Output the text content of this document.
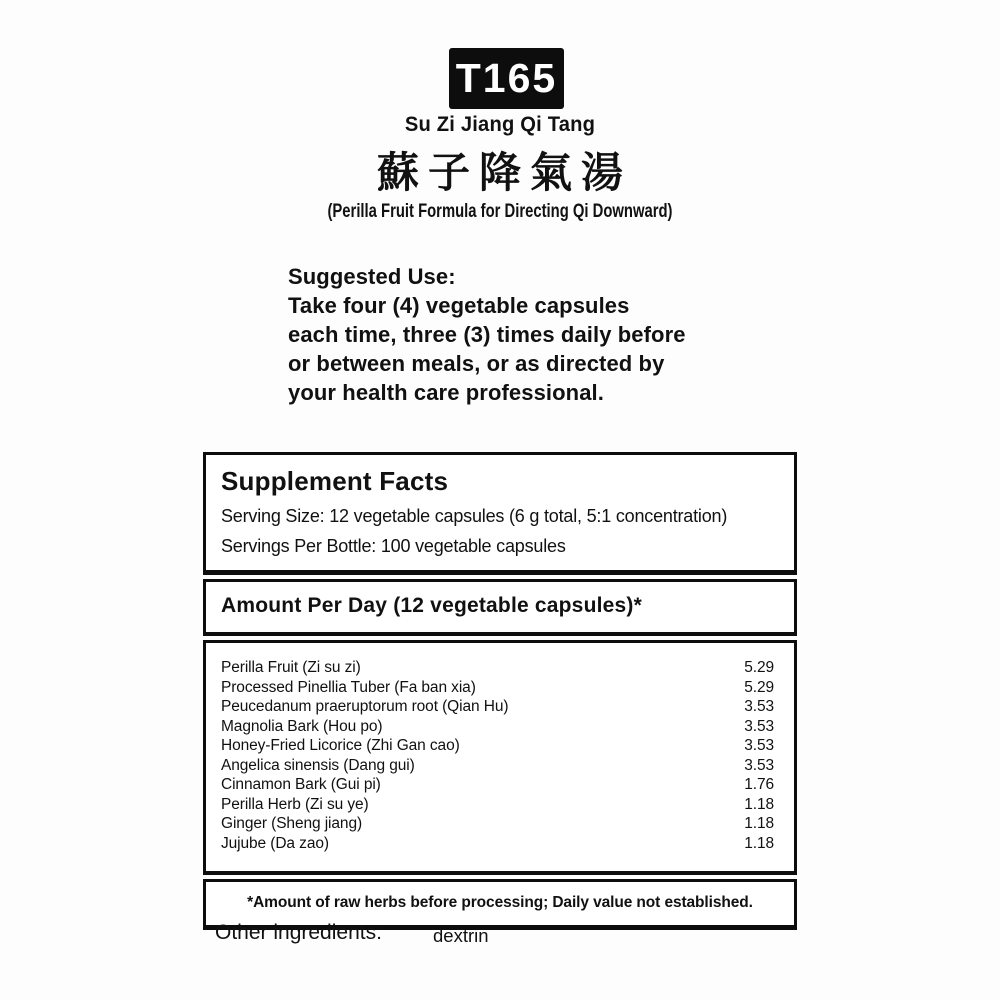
T165
Su Zi Jiang Qi Tang
蘇子降氣湯
(Perilla Fruit Formula for Directing Qi Downward)
Suggested Use:
Take four (4) vegetable capsules
each time, three (3) times daily before
or between meals, or as directed by
your health care professional.
Supplement Facts
Serving Size: 12 vegetable capsules (6 g total, 5:1 concentration)
Servings Per Bottle: 100 vegetable capsules
Amount Per Day (12 vegetable capsules)*
Perilla Fruit (Zi su zi)	5.29
Processed Pinellia Tuber (Fa ban xia)	5.29
Peucedanum praeruptorum root (Qian Hu)	3.53
Magnolia Bark (Hou po)	3.53
Honey-Fried Licorice (Zhi Gan cao)	3.53
Angelica sinensis (Dang gui)	3.53
Cinnamon Bark (Gui pi)	1.76
Perilla Herb (Zi su ye)	1.18
Ginger (Sheng jiang)	1.18
Jujube (Da zao)	1.18
*Amount of raw herbs before processing; Daily value not established.
Other ingredients:	dextrin
